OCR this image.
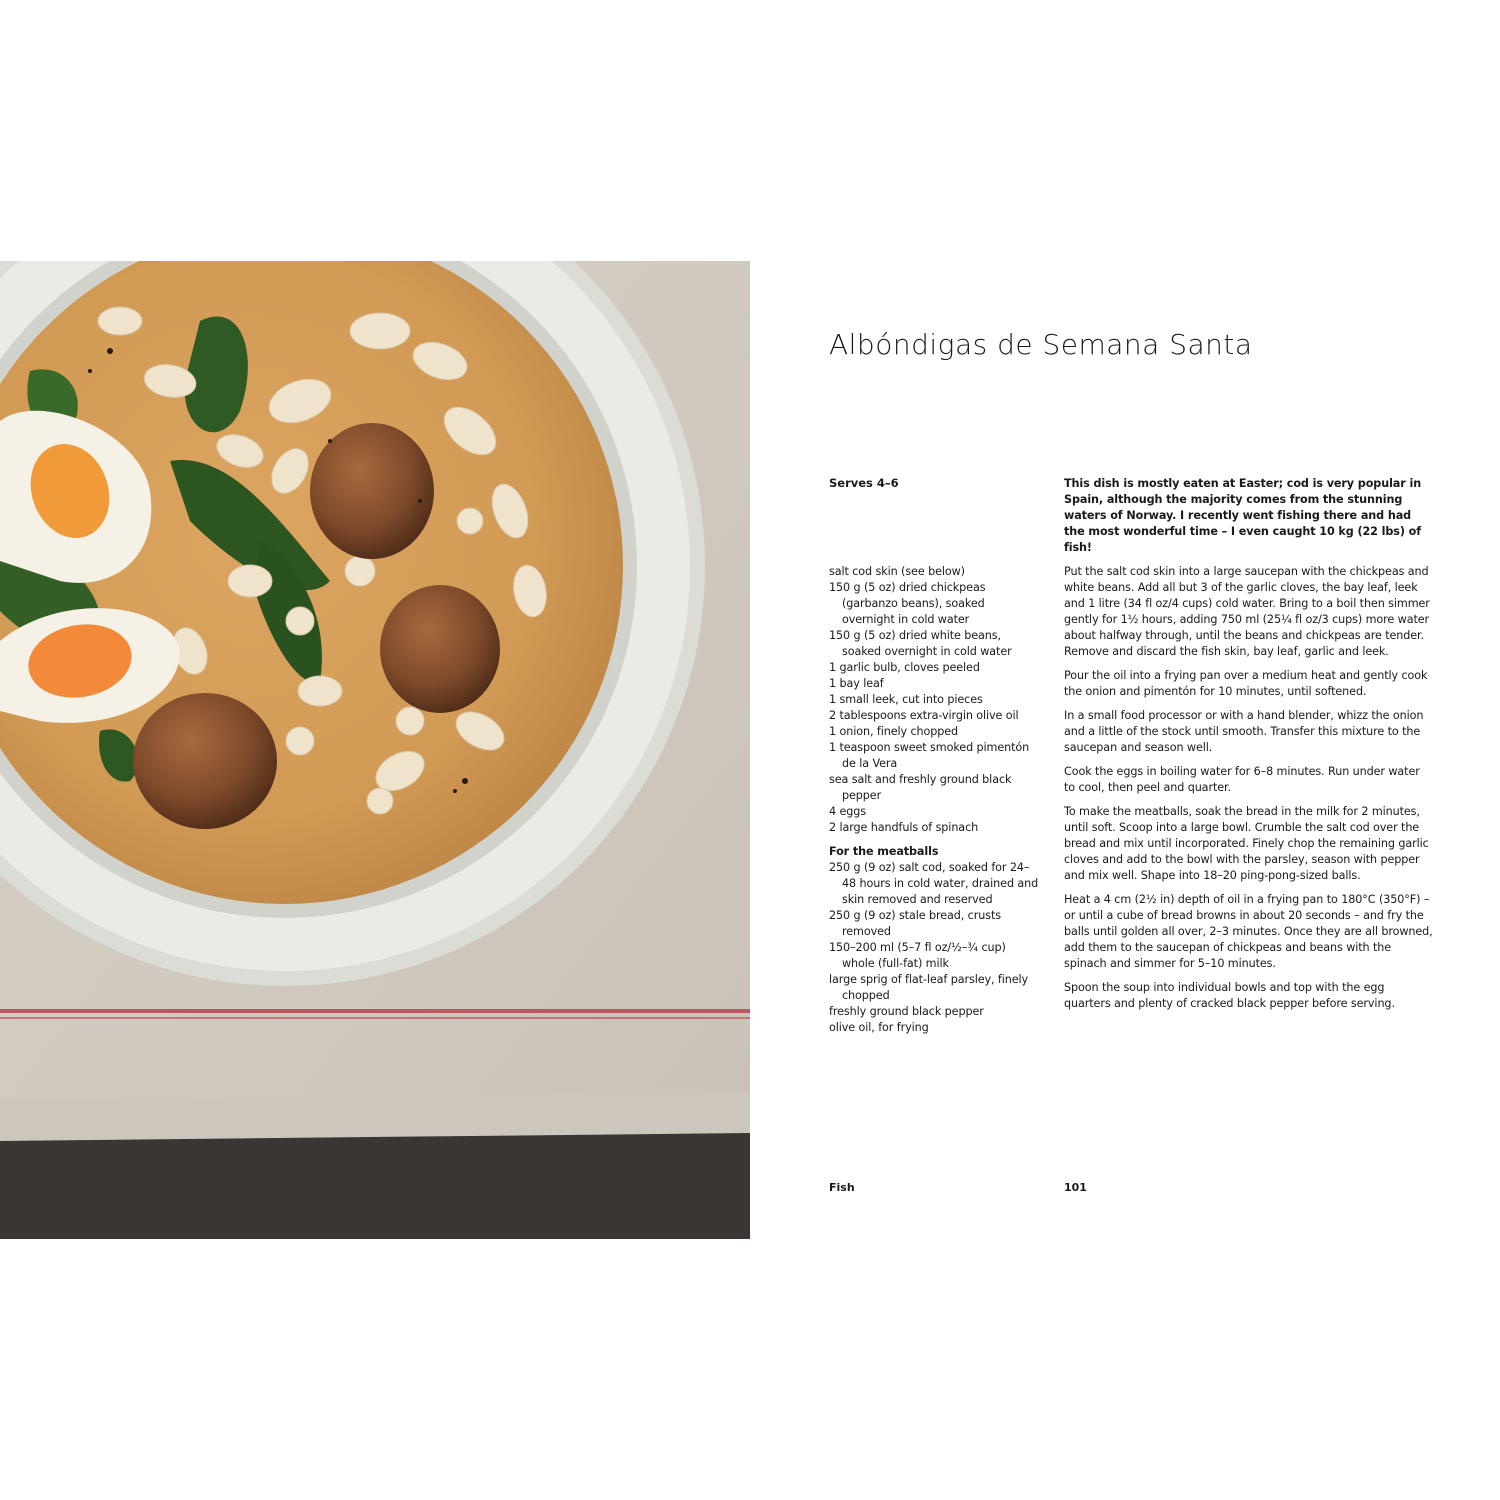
Albóndigas de Semana Santa
Serves 4–6	This dish is mostly eaten at Easter; cod is very popular in Spain, although the majority comes from the stunning waters of Norway. I recently went fishing there and had the most wonderful time – I even caught 10 kg (22 lbs) of fish!

salt cod skin (see below)
150 g (5 oz) dried chickpeas (garbanzo beans), soaked overnight in cold water
150 g (5 oz) dried white beans, soaked overnight in cold water
1 garlic bulb, cloves peeled
1 bay leaf
1 small leek, cut into pieces
2 tablespoons extra-virgin olive oil
1 onion, finely chopped
1 teaspoon sweet smoked pimentón de la Vera
sea salt and freshly ground black pepper
4 eggs
2 large handfuls of spinach
For the meatballs
250 g (9 oz) salt cod, soaked for 24–48 hours in cold water, drained and skin removed and reserved
250 g (9 oz) stale bread, crusts removed
150–200 ml (5–7 fl oz/½–¾ cup) whole (full-fat) milk
large sprig of flat-leaf parsley, finely chopped
freshly ground black pepper
olive oil, for frying

Put the salt cod skin into a large saucepan with the chickpeas and white beans. Add all but 3 of the garlic cloves, the bay leaf, leek and 1 litre (34 fl oz/4 cups) cold water. Bring to a boil then simmer gently for 1½ hours, adding 750 ml (25¼ fl oz/3 cups) more water about halfway through, until the beans and chickpeas are tender. Remove and discard the fish skin, bay leaf, garlic and leek.

Pour the oil into a frying pan over a medium heat and gently cook the onion and pimentón for 10 minutes, until softened.

In a small food processor or with a hand blender, whizz the onion and a little of the stock until smooth. Transfer this mixture to the saucepan and season well.

Cook the eggs in boiling water for 6–8 minutes. Run under water to cool, then peel and quarter.

To make the meatballs, soak the bread in the milk for 2 minutes, until soft. Scoop into a large bowl. Crumble the salt cod over the bread and mix until incorporated. Finely chop the remaining garlic cloves and add to the bowl with the parsley, season with pepper and mix well. Shape into 18–20 ping-pong-sized balls.

Heat a 4 cm (2½ in) depth of oil in a frying pan to 180°C (350°F) – or until a cube of bread browns in about 20 seconds – and fry the balls until golden all over, 2–3 minutes. Once they are all browned, add them to the saucepan of chickpeas and beans with the spinach and simmer for 5–10 minutes.

Spoon the soup into individual bowls and top with the egg quarters and plenty of cracked black pepper before serving.

Fish	101
